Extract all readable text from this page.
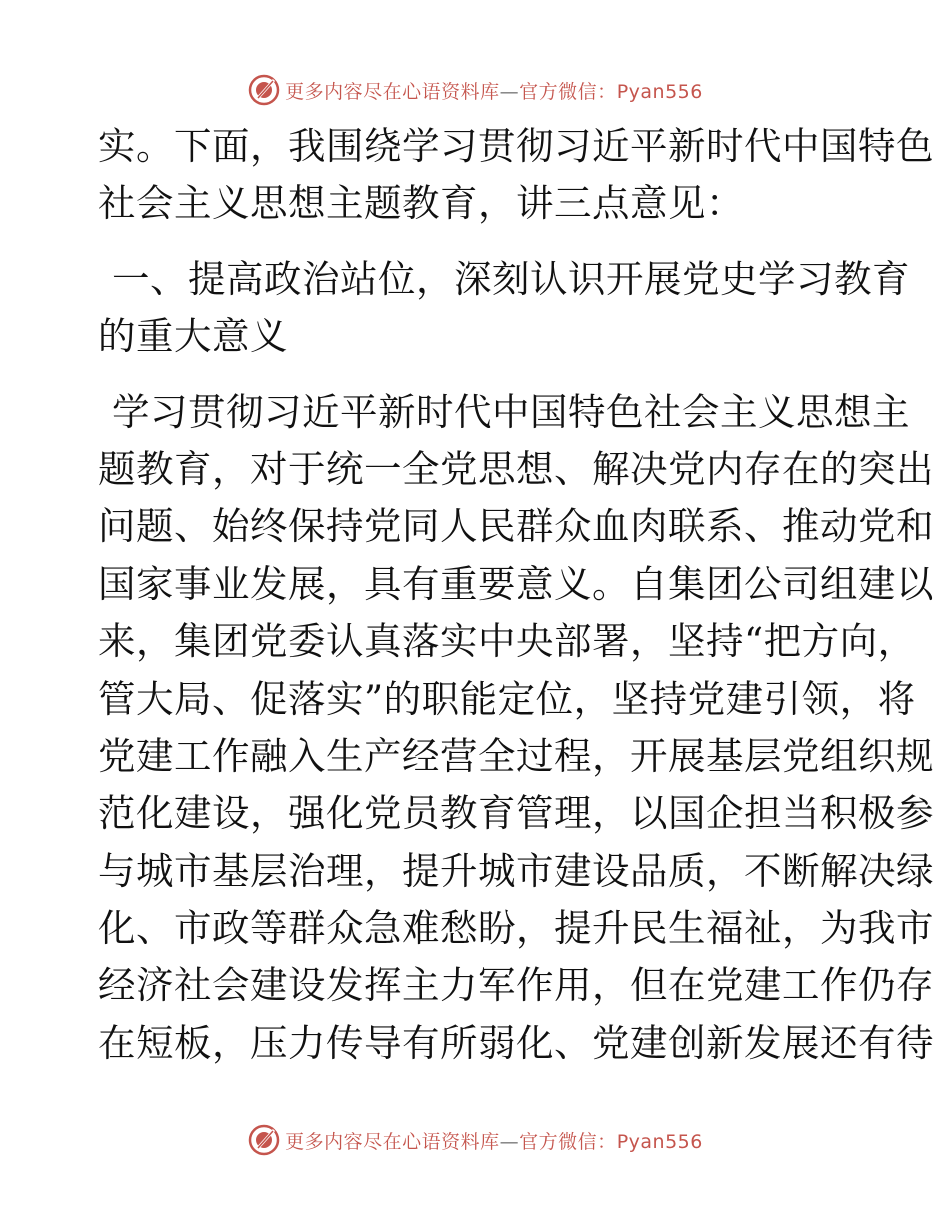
更多内容尽在心语资料库—官方微信：Pyan556

实。下面，我围绕学习贯彻习近平新时代中国特色

社会主义思想主题教育，讲三点意见：

一、提高政治站位，深刻认识开展党史学习教育

的重大意义

学习贯彻习近平新时代中国特色社会主义思想主

题教育，对于统一全党思想、解决党内存在的突出

问题、始终保持党同人民群众血肉联系、推动党和

国家事业发展，具有重要意义。自集团公司组建以

来，集团党委认真落实中央部署，坚持“把方向，

管大局、促落实”的职能定位，坚持党建引领，将

党建工作融入生产经营全过程，开展基层党组织规

范化建设，强化党员教育管理，以国企担当积极参

与城市基层治理，提升城市建设品质，不断解决绿

化、市政等群众急难愁盼，提升民生福祉，为我市

经济社会建设发挥主力军作用，但在党建工作仍存

在短板，压力传导有所弱化、党建创新发展还有待

更多内容尽在心语资料库—官方微信：Pyan556
